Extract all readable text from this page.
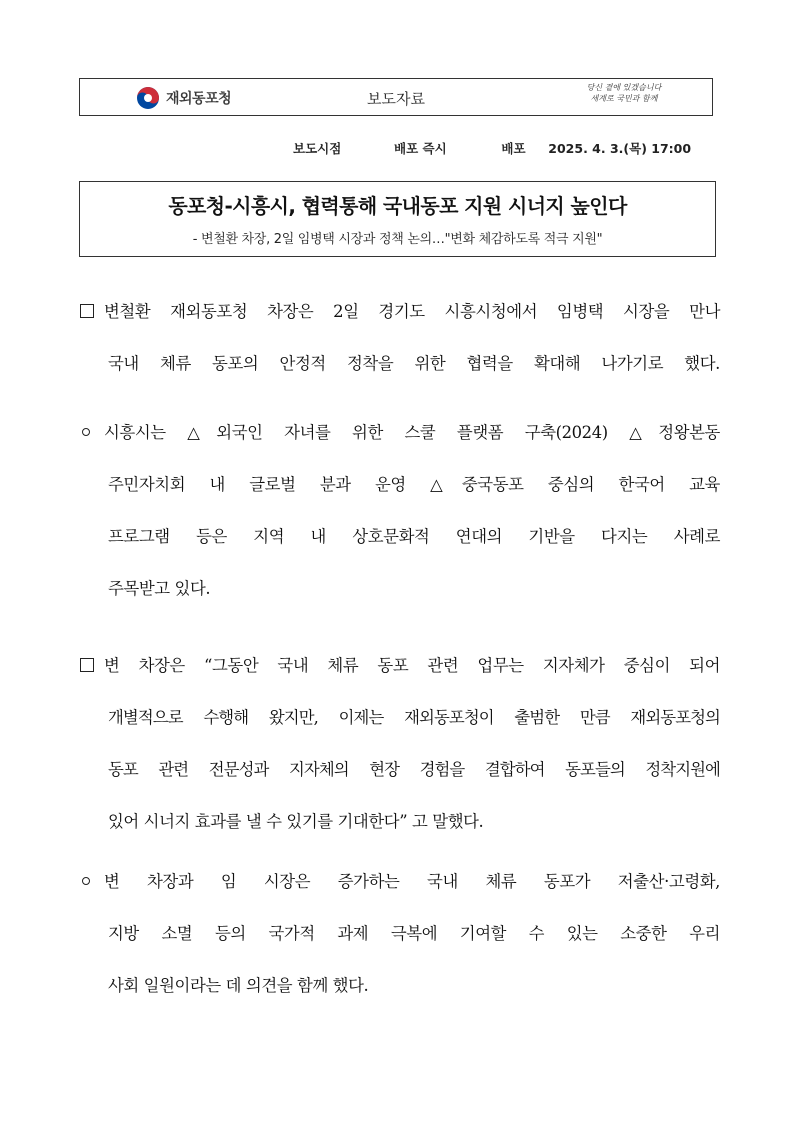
재외동포청	보도자료
당신 곁에 있겠습니다
세계로 국민과 함께
보도시점	배포 즉시	배포 2025. 4. 3.(목) 17:00
동포청-시흥시, 협력통해 국내동포 지원 시너지 높인다
- 변철환 차장, 2일 임병택 시장과 정책 논의…"변화 체감하도록 적극 지원"
변철환 재외동포청 차장은 2일 경기도 시흥시청에서 임병택 시장을 만나
국내 체류 동포의 안정적 정착을 위한 협력을 확대해 나가기로 했다.
시흥시는 △외국인 자녀를 위한 스쿨 플랫폼 구축(2024) △정왕본동
주민자치회 내 글로벌 분과 운영 △중국동포 중심의 한국어 교육
프로그램 등은 지역 내 상호문화적 연대의 기반을 다지는 사례로
주목받고 있다.
변 차장은 “그동안 국내 체류 동포 관련 업무는 지자체가 중심이 되어
개별적으로 수행해 왔지만, 이제는 재외동포청이 출범한 만큼 재외동포청의
동포 관련 전문성과 지자체의 현장 경험을 결합하여 동포들의 정착지원에
있어 시너지 효과를 낼 수 있기를 기대한다” 고 말했다.
변 차장과 임 시장은 증가하는 국내 체류 동포가 저출산·고령화,
지방 소멸 등의 국가적 과제 극복에 기여할 수 있는 소중한 우리
사회 일원이라는 데 의견을 함께 했다.
